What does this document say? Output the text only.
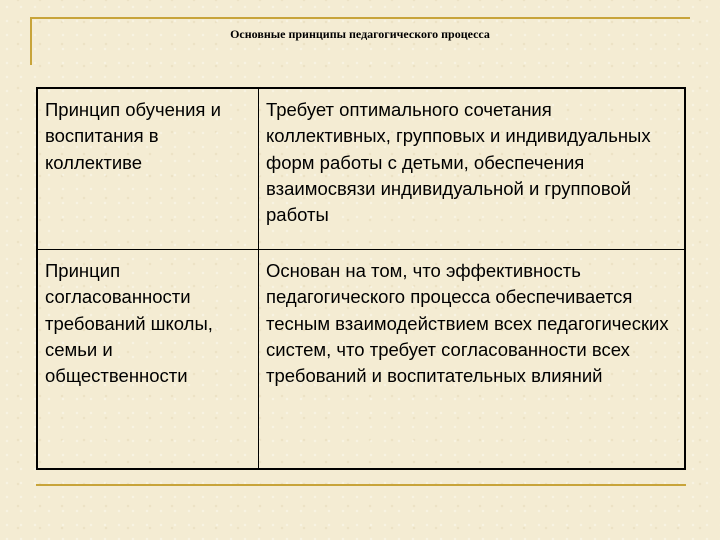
Основные принципы педагогического процесса
Принцип обучения и воспитания в коллективе	Требует оптимального сочетания коллективных, групповых и индивидуальных форм работы с детьми, обеспечения взаимосвязи индивидуальной и групповой работы
Принцип согласованности требований школы, семьи и общественности	Основан на том, что эффективность педагогического процесса обеспечивается тесным взаимодействием всех педагогических систем, что требует согласованности всех требований и воспитательных влияний
